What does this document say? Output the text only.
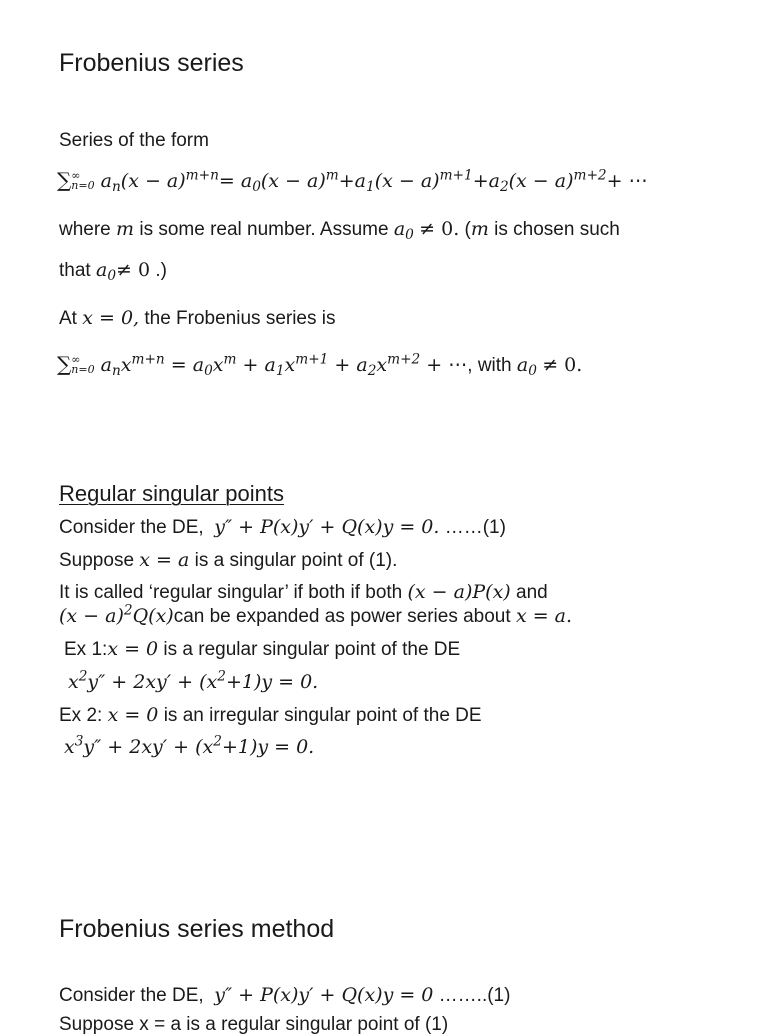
Frobenius series
Series of the form
∑ ∞
n=0 $a_n(x - a)^{m+n}= a_0(x - a)^m+a_1(x - a)^{m+1}+a_2(x - a)^{m+2}+$ ⋯
where m is some real number. Assume $a_0 \ne 0$. (m is chosen such
that $a_0\ne 0$ .)
At x = 0, the Frobenius series is
∑ ∞
n=0 $a_nx^{m+n} = a_0x^m + a_1x^{m+1} + a_2x^{m+2}$ + ⋯, with $a_0 \ne 0$.
Regular singular points
Consider the DE, y″ + P(x)y′ + Q(x)y = 0. ……(1)
Suppose x = a is a singular point of (1).
It is called ‘regular singular’ if both if both (x − a)P(x) and
$(x - a)^2Q(x)can$ be expanded as power series about x = a.
Ex 1:x = 0 is a regular singular point of the DE
$x^2y'' + 2xy' + (x^2+1)y = 0$.
Ex 2: x = 0 is an irregular singular point of the DE
$x^3y'' + 2xy' + (x^2+1)y = 0$.
Frobenius series method
Consider the DE, y″ + P(x)y′ + Q(x)y = 0 ……..(1)
Suppose x = a is a regular singular point of (1)
